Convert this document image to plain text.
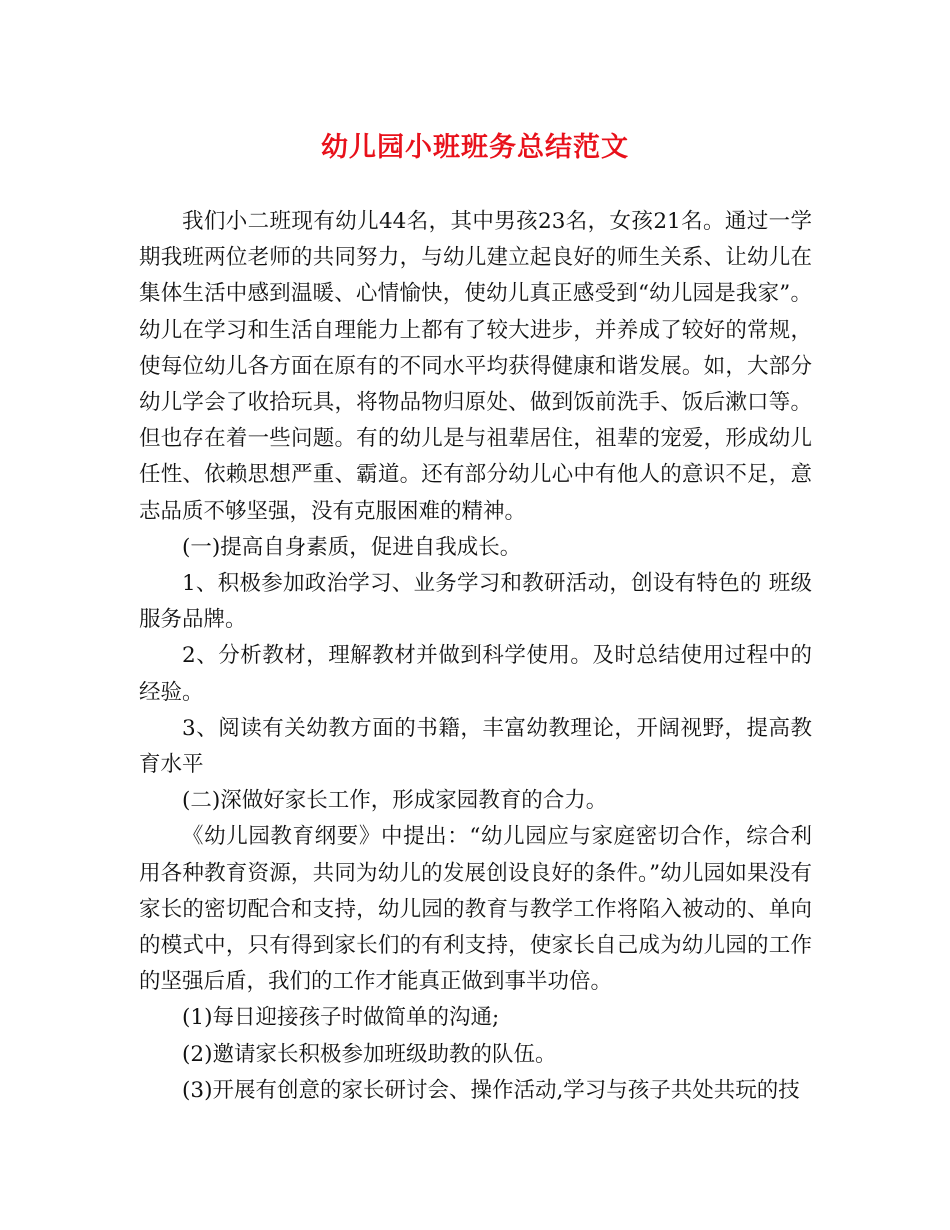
幼儿园小班班务总结范文

我们小二班现有幼儿44名，其中男孩23名，女孩21名。通过一学期我班两位老师的共同努力，与幼儿建立起良好的师生关系、让幼儿在集体生活中感到温暖、心情愉快，使幼儿真正感受到“幼儿园是我家”。幼儿在学习和生活自理能力上都有了较大进步，并养成了较好的常规，使每位幼儿各方面在原有的不同水平均获得健康和谐发展。如，大部分幼儿学会了收拾玩具，将物品物归原处、做到饭前洗手、饭后漱口等。但也存在着一些问题。有的幼儿是与祖辈居住，祖辈的宠爱，形成幼儿任性、依赖思想严重、霸道。还有部分幼儿心中有他人的意识不足，意志品质不够坚强，没有克服困难的精神。

(一)提高自身素质，促进自我成长。

1、积极参加政治学习、业务学习和教研活动，创设有特色的 班级服务品牌。

2、分析教材，理解教材并做到科学使用。及时总结使用过程中的经验。

3、阅读有关幼教方面的书籍，丰富幼教理论，开阔视野，提高教育水平

(二)深做好家长工作，形成家园教育的合力。

《幼儿园教育纲要》中提出：“幼儿园应与家庭密切合作，综合利用各种教育资源，共同为幼儿的发展创设良好的条件。”幼儿园如果没有家长的密切配合和支持，幼儿园的教育与教学工作将陷入被动的、单向的模式中，只有得到家长们的有利支持，使家长自己成为幼儿园的工作的坚强后盾，我们的工作才能真正做到事半功倍。

(1)每日迎接孩子时做简单的沟通;

(2)邀请家长积极参加班级助教的队伍。

(3)开展有创意的家长研讨会、操作活动,学习与孩子共处共玩的技
